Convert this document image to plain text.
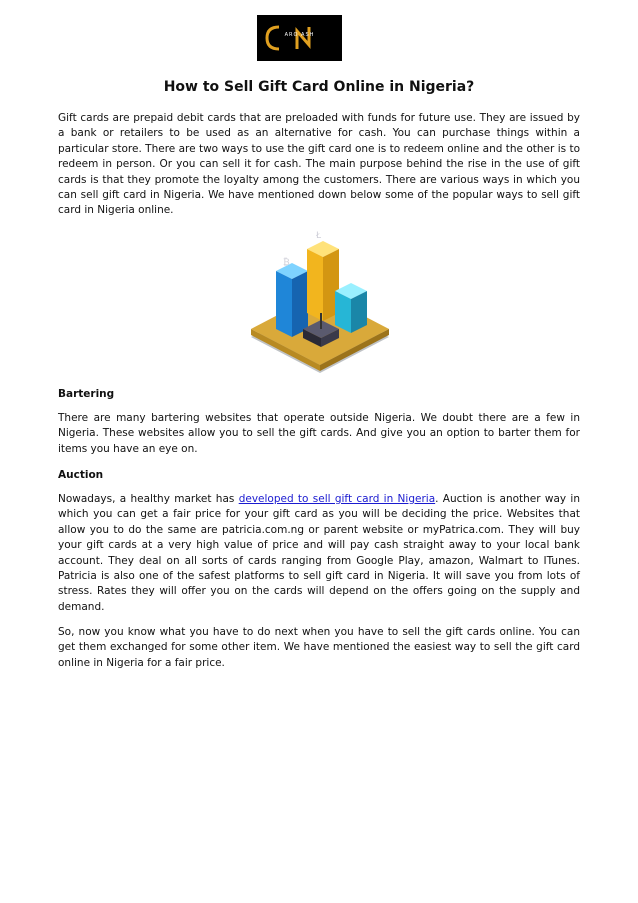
ARO ASH
How to Sell Gift Card Online in Nigeria?

Gift cards are prepaid debit cards that are preloaded with funds for future use. They are issued by a bank or retailers to be used as an alternative for cash. You can purchase things within a particular store. There are two ways to use the gift card one is to redeem online and the other is to redeem in person. Or you can sell it for cash. The main purpose behind the rise in the use of gift cards is that they promote the loyalty among the customers. There are various ways in which you can sell gift card in Nigeria. We have mentioned down below some of the popular ways to sell gift card in Nigeria online.

₿
Ł

Bartering

There are many bartering websites that operate outside Nigeria. We doubt there are a few in Nigeria. These websites allow you to sell the gift cards. And give you an option to barter them for items you have an eye on.

Auction

Nowadays, a healthy market has developed to sell gift card in Nigeria. Auction is another way in which you can get a fair price for your gift card as you will be deciding the price. Websites that allow you to do the same are patricia.com.ng or parent website or myPatrica.com. They will buy your gift cards at a very high value of price and will pay cash straight away to your local bank account. They deal on all sorts of cards ranging from Google Play, amazon, Walmart to ITunes. Patricia is also one of the safest platforms to sell gift card in Nigeria. It will save you from lots of stress. Rates they will offer you on the cards will depend on the offers going on the supply and demand.

So, now you know what you have to do next when you have to sell the gift cards online. You can get them exchanged for some other item. We have mentioned the easiest way to sell the gift card online in Nigeria for a fair price.
